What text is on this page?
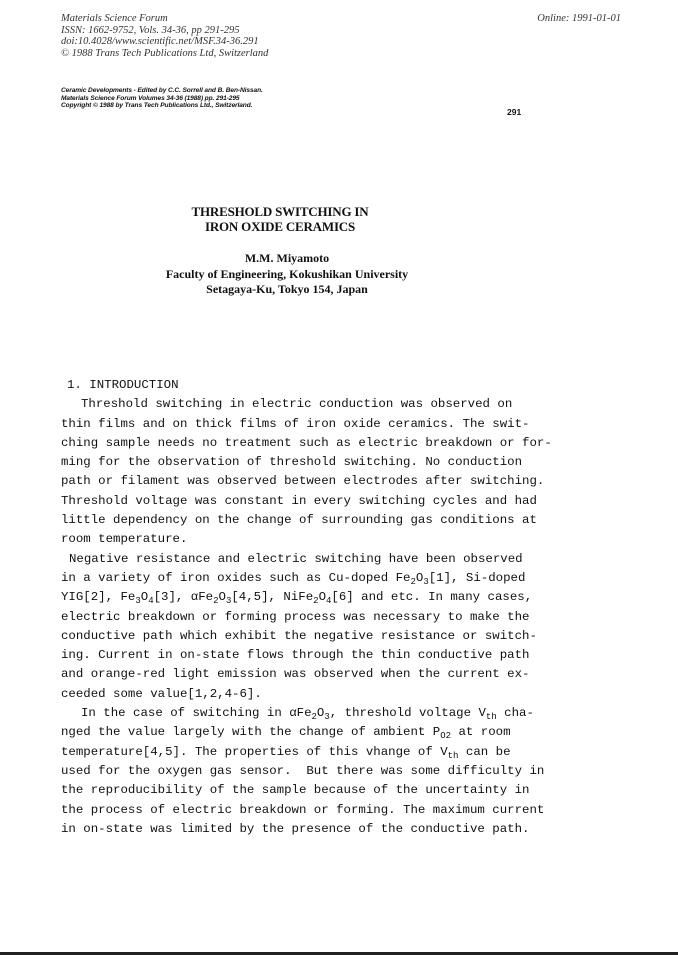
Materials Science Forum
ISSN: 1662-9752, Vols. 34-36, pp 291-295
doi:10.4028/www.scientific.net/MSF.34-36.291
© 1988 Trans Tech Publications Ltd, Switzerland
Online: 1991-01-01
Ceramic Developments - Edited by C.C. Sorrell and B. Ben-Nissan.
Materials Science Forum Volumes 34-36 (1988) pp. 291-295
Copyright © 1988 by Trans Tech Publications Ltd., Switzerland.
291
THRESHOLD SWITCHING IN
IRON OXIDE CERAMICS
M.M. Miyamoto
Faculty of Engineering, Kokushikan University
Setagaya-Ku, Tokyo 154, Japan
1. INTRODUCTION
Threshold switching in electric conduction was observed on
thin films and on thick films of iron oxide ceramics. The swit-
ching sample needs no treatment such as electric breakdown or for-
ming for the observation of threshold switching. No conduction
path or filament was observed between electrodes after switching.
Threshold voltage was constant in every switching cycles and had
little dependency on the change of surrounding gas conditions at
room temperature.
Negative resistance and electric switching have been observed
in a variety of iron oxides such as Cu-doped $Fe_2O_3[1]$, Si-doped
YIG[2], $Fe_3O_4[3]$, $\alpha Fe_2O_3[4,5]$, $NiFe_2O_4[6]$ and etc. In many cases,
electric breakdown or forming process was necessary to make the
conductive path which exhibit the negative resistance or switch-
ing. Current in on-state flows through the thin conductive path
and orange-red light emission was observed when the current ex-
ceeded some value[1,2,4-6].
In the case of switching in $\alpha Fe_2O_3$, threshold voltage $V_{th}$ cha-
nged the value largely with the change of ambient $P_{O2}$ at room
temperature[4,5]. The properties of this vhange of $V_{th}$ can be
used for the oxygen gas sensor.  But there was some difficulty in
the reproducibility of the sample because of the uncertainty in
the process of electric breakdown or forming. The maximum current
in on-state was limited by the presence of the conductive path.
